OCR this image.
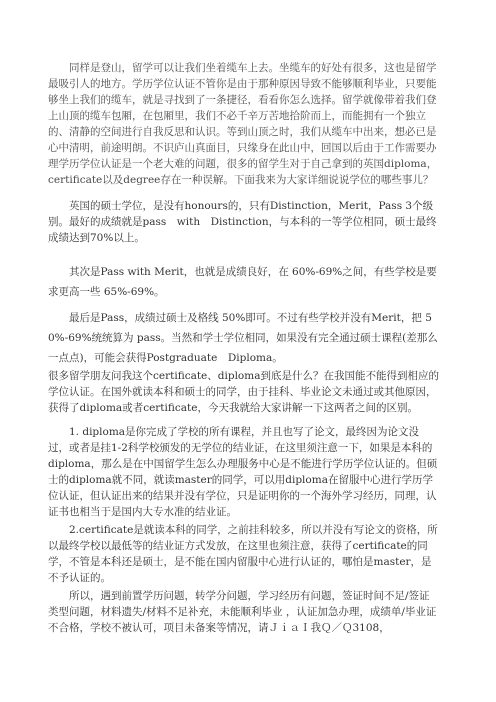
同样是登山，留学可以让我们坐着缆车上去。坐缆车的好处有很多，这也是留学最吸引人的地方。学历学位认证不管你是由于那种原因导致不能够顺利毕业，只要能够坐上我们的缆车，就是寻找到了一条捷径，看看你怎么选择。留学就像带着我们登上山顶的缆车包厢，在包厢里，我们不必千辛万苦地拾阶而上，而能拥有一个独立的、清静的空间进行自我反思和认识。等到山顶之时，我们从缆车中出来，想必已是心中清明，前途明朗。不识庐山真面目，只缘身在此山中，回国以后由于工作需要办理学历学位认证是一个老大难的问题，很多的留学生对于自己拿到的英国diploma，certificate以及degree存在一种误解。下面我来为大家详细说说学位的哪些事儿？

英国的硕士学位，是没有honours的，只有Distinction，Merit，Pass 3个级别。最好的成绩就是pass　with　Distinction，与本科的一等学位相同，硕士最终成绩达到70%以上。

其次是Pass with Merit，也就是成绩良好，在 60%-69%之间，有些学校是要求更高一些 65%-69%。

最后是Pass，成绩过硕士及格线 50%即可。不过有些学校并没有Merit，把 50%-69%统统算为 pass。当然和学士学位相同，如果没有完全通过硕士课程(差那么一点点)，可能会获得Postgraduate　Diploma。

很多留学朋友问我这个certificate、diploma到底是什么？在我国能不能得到相应的学位认证。在国外就读本科和硕士的同学，由于挂科、毕业论文未通过或其他原因，获得了diploma或者certificate，今天我就给大家讲解一下这两者之间的区别。

1. diploma是你完成了学校的所有课程，并且也写了论文，最终因为论文没过，或者是挂1-2科学校颁发的无学位的结业证，在这里须注意一下，如果是本科的 diploma，那么是在中国留学生怎么办理服务中心是不能进行学历学位认证的。但硕士的diploma就不同，就读master的同学，可以用diploma在留服中心进行学历学位认证，但认证出来的结果并没有学位，只是证明你的一个海外学习经历，同理，认证书也相当于是国内大专水准的结业证。

2.certificate是就读本科的同学，之前挂科较多，所以并没有写论文的资格，所以最终学校以最低等的结业证方式发放，在这里也须注意，获得了certificate的同学，不管是本科还是硕士，是不能在国内留服中心进行认证的，哪怕是master，是不予认证的。

所以，遇到前置学历问题，转学分问题，学习经历有问题，签证时间不足/签证类型问题，材料遗失/材料不足补充，未能顺利毕业 ，认证加急办理，成绩单/毕业证不合格，学校不被认可，项目未备案等情况，请ＪｉａＩ我Ｑ／Ｑ3108，
